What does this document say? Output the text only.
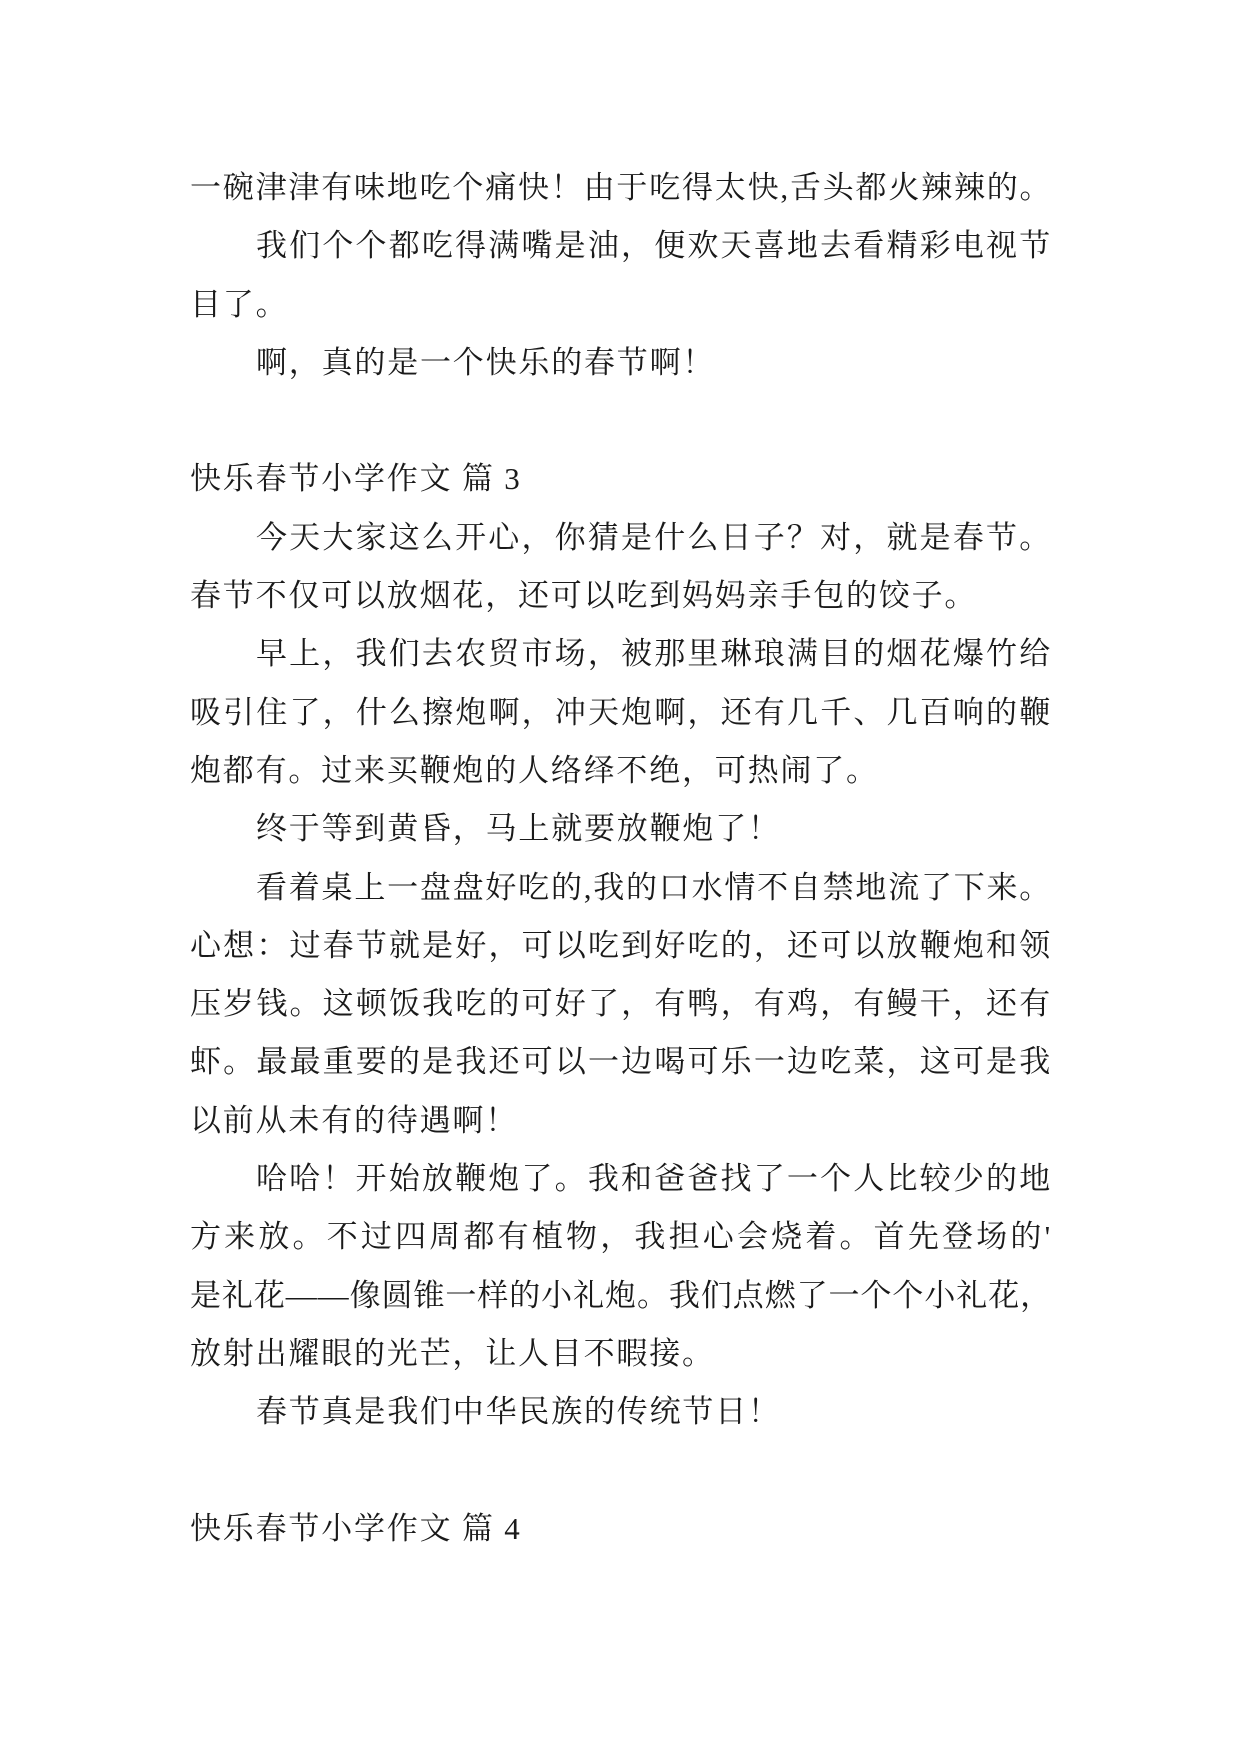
一碗津津有味地吃个痛快！由于吃得太快,舌头都火辣辣的。
我们个个都吃得满嘴是油，便欢天喜地去看精彩电视节
目了。
啊，真的是一个快乐的春节啊！
快乐春节小学作文 篇 3
今天大家这么开心，你猜是什么日子？对，就是春节。
春节不仅可以放烟花，还可以吃到妈妈亲手包的饺子。
早上，我们去农贸市场，被那里琳琅满目的烟花爆竹给
吸引住了，什么擦炮啊，冲天炮啊，还有几千、几百响的鞭
炮都有。过来买鞭炮的人络绎不绝，可热闹了。
终于等到黄昏，马上就要放鞭炮了！
看着桌上一盘盘好吃的,我的口水情不自禁地流了下来。
心想：过春节就是好，可以吃到好吃的，还可以放鞭炮和领
压岁钱。这顿饭我吃的可好了，有鸭，有鸡，有鳗干，还有
虾。最最重要的是我还可以一边喝可乐一边吃菜，这可是我
以前从未有的待遇啊！
哈哈！开始放鞭炮了。我和爸爸找了一个人比较少的地
方来放。不过四周都有植物，我担心会烧着。首先登场的'
是礼花——像圆锥一样的小礼炮。我们点燃了一个个小礼花，
放射出耀眼的光芒，让人目不暇接。
春节真是我们中华民族的传统节日！
快乐春节小学作文 篇 4
